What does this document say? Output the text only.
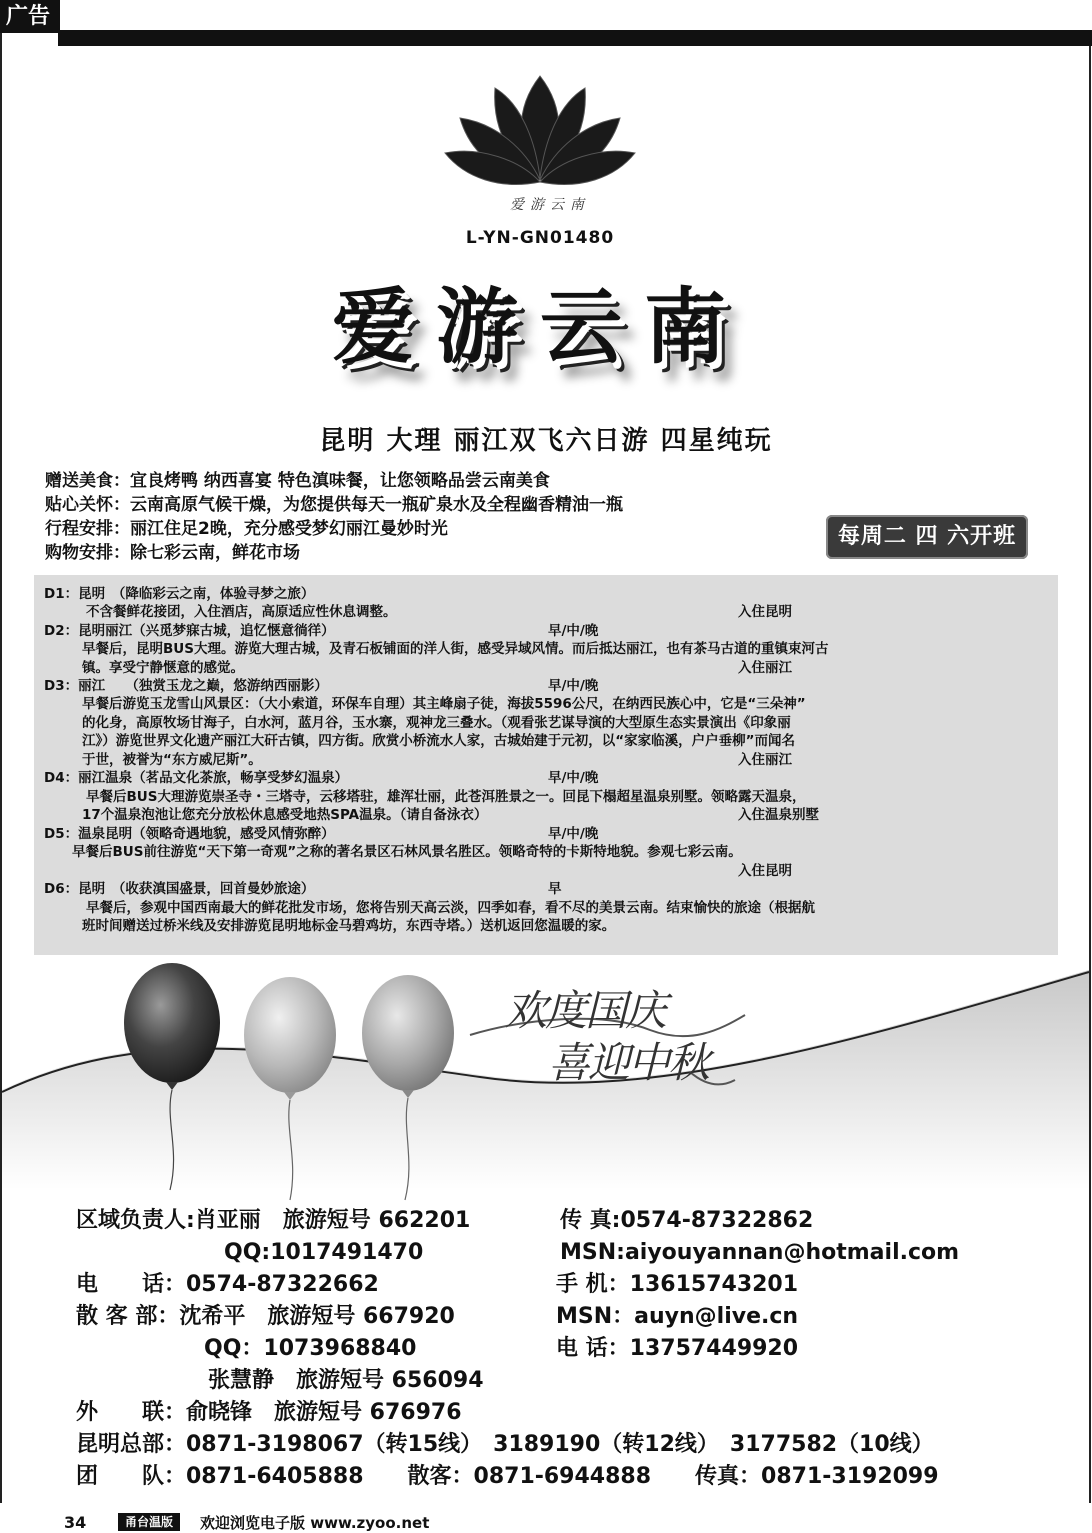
广告
爱游云南
L-YN-GN01480
爱游云南
昆明 大理 丽江双飞六日游 四星纯玩
赠送美食：宜良烤鸭 纳西喜宴 特色滇味餐，让您领略品尝云南美食
贴心关怀：云南高原气候干燥，为您提供每天一瓶矿泉水及全程幽香精油一瓶
行程安排：丽江住足2晚，充分感受梦幻丽江曼妙时光
购物安排：除七彩云南，鲜花市场
每周二 四 六开班
D1：昆明　（降临彩云之南，体验寻梦之旅）
不含餐鲜花接团，入住酒店，高原适应性休息调整。	入住昆明
D2：昆明丽江（兴觅梦寐古城，追忆惬意徜徉）	早/中/晚
早餐后，昆明BUS大理。游览大理古城，及青石板铺面的洋人街，感受异域风情。而后抵达丽江，也有茶马古道的重镇束河古
镇。享受宁静惬意的感觉。	入住丽江
D3：丽江　　（独赏玉龙之巅，悠游纳西丽影）	早/中/晚
早餐后游览玉龙雪山风景区：（大小索道，环保车自理）其主峰扇子徒，海拔5596公尺，在纳西民族心中，它是“三朵神”
的化身，高原牧场甘海子，白水河，蓝月谷，玉水寨，观神龙三叠水。（观看张艺谋导演的大型原生态实景演出《印象丽
江》）游览世界文化遗产丽江大矸古镇，四方街。欣赏小桥流水人家，古城始建于元初，以“家家临溪，户户垂柳”而闻名
于世，被誉为“东方威尼斯”。	入住丽江
D4：丽江温泉（茗品文化茶旅，畅享受梦幻温泉）	早/中/晚
早餐后BUS大理游览崇圣寺・三塔寺，云移塔驻，雄浑壮丽，此苍洱胜景之一。回昆下榻超星温泉别墅。领略露天温泉，
17个温泉泡池让您充分放松休息感受地热SPA温泉。（请自备泳衣）	入住温泉别墅
D5：温泉昆明（领略奇遇地貌，感受风情弥醉）	早/中/晚
早餐后BUS前往游览“天下第一奇观”之称的著名景区石林风景名胜区。领略奇特的卡斯特地貌。参观七彩云南。
入住昆明
D6：昆明　（收获滇国盛景，回首曼妙旅途）	早
早餐后，参观中国西南最大的鲜花批发市场，您将告别天高云淡，四季如春，看不尽的美景云南。结束愉快的旅途（根据航
班时间赠送过桥米线及安排游览昆明地标金马碧鸡坊，东西寺塔。）送机返回您温暖的家。
欢度国庆
喜迎中秋
区域负责人:肖亚丽　旅游短号 662201	传 真:0574-87322862
QQ:1017491470	MSN:aiyouyannan@hotmail.com
电　　话：0574-87322662	手 机：13615743201
散 客 部：沈希平　旅游短号 667920	MSN：auyn@live.cn
QQ：1073968840	电 话：13757449920
张慧静　旅游短号 656094
外　　联：俞晓锋　旅游短号 676976
昆明总部：0871-3198067（转15线）　3189190（转12线）　3177582（10线）
团　　队：0871-6405888　　散客：0871-6944888　　传真：0871-3192099
34	甬台温版	欢迎浏览电子版 www.zyoo.net
